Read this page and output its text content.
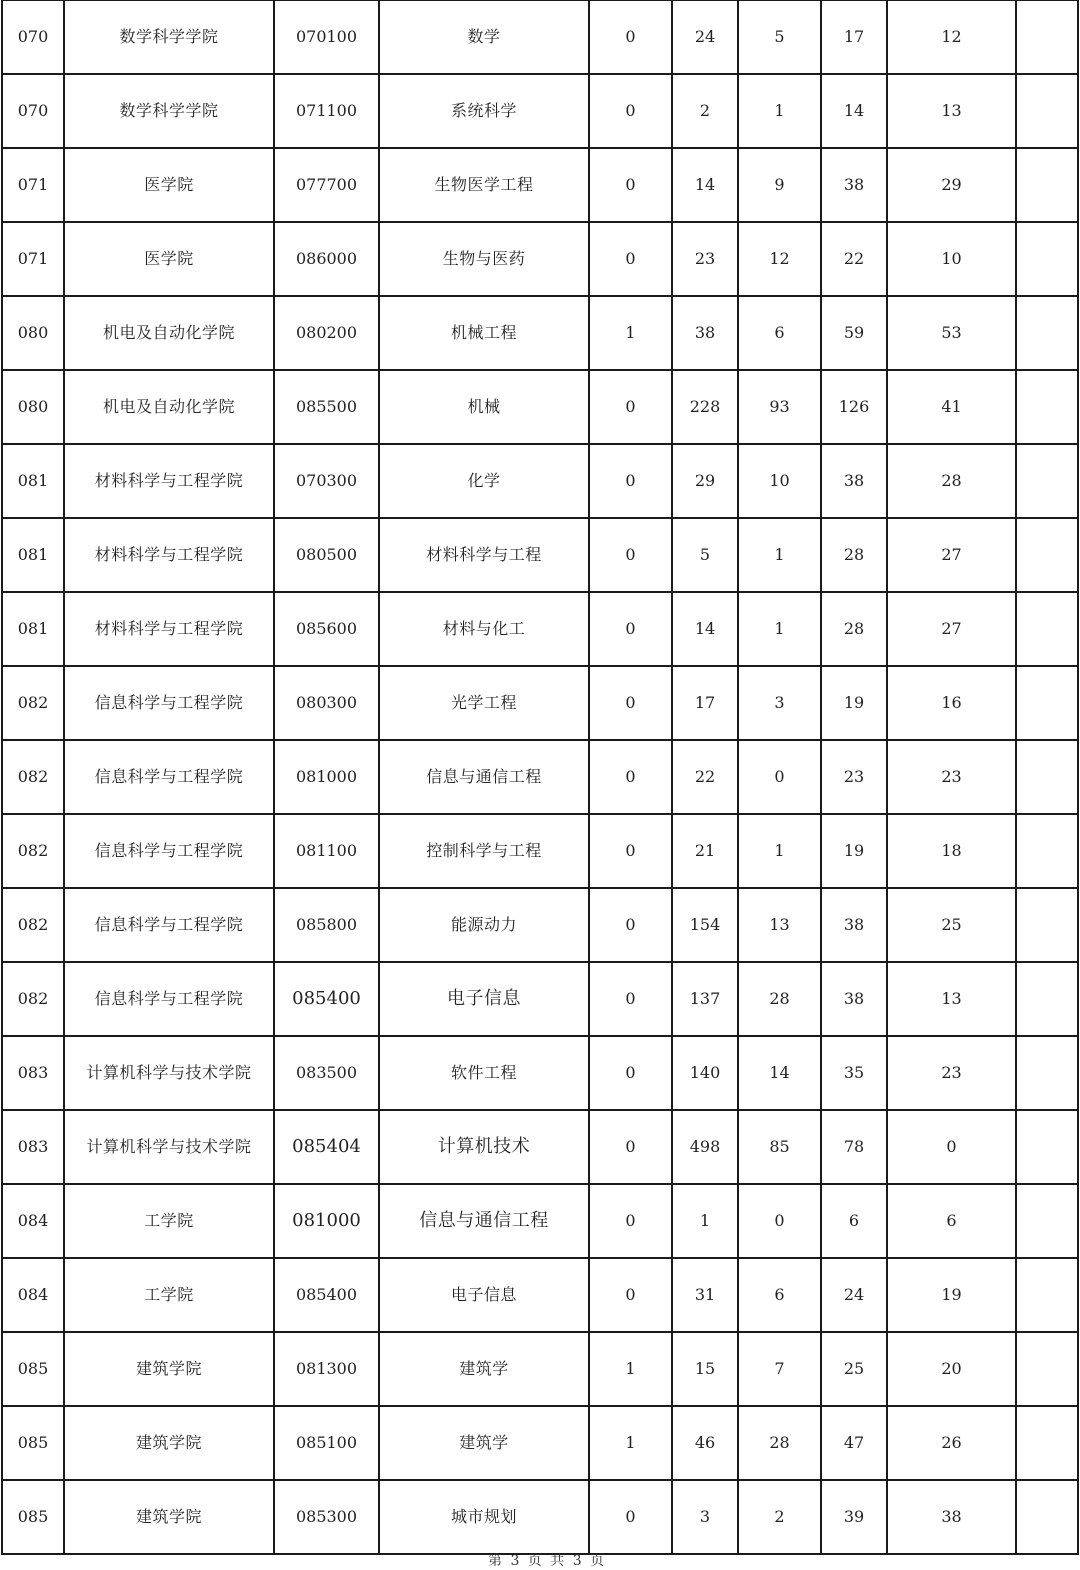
070	数学科学学院	070100	数学	0	24	5	17	12	
070	数学科学学院	071100	系统科学	0	2	1	14	13	
071	医学院	077700	生物医学工程	0	14	9	38	29	
071	医学院	086000	生物与医药	0	23	12	22	10	
080	机电及自动化学院	080200	机械工程	1	38	6	59	53	
080	机电及自动化学院	085500	机械	0	228	93	126	41	
081	材料科学与工程学院	070300	化学	0	29	10	38	28	
081	材料科学与工程学院	080500	材料科学与工程	0	5	1	28	27	
081	材料科学与工程学院	085600	材料与化工	0	14	1	28	27	
082	信息科学与工程学院	080300	光学工程	0	17	3	19	16	
082	信息科学与工程学院	081000	信息与通信工程	0	22	0	23	23	
082	信息科学与工程学院	081100	控制科学与工程	0	21	1	19	18	
082	信息科学与工程学院	085800	能源动力	0	154	13	38	25	
082	信息科学与工程学院	085400	电子信息	0	137	28	38	13	
083	计算机科学与技术学院	083500	软件工程	0	140	14	35	23	
083	计算机科学与技术学院	085404	计算机技术	0	498	85	78	0	
084	工学院	081000	信息与通信工程	0	1	0	6	6	
084	工学院	085400	电子信息	0	31	6	24	19	
085	建筑学院	081300	建筑学	1	15	7	25	20	
085	建筑学院	085100	建筑学	1	46	28	47	26	
085	建筑学院	085300	城市规划	0	3	2	39	38	
第 3 页 共 3 页
